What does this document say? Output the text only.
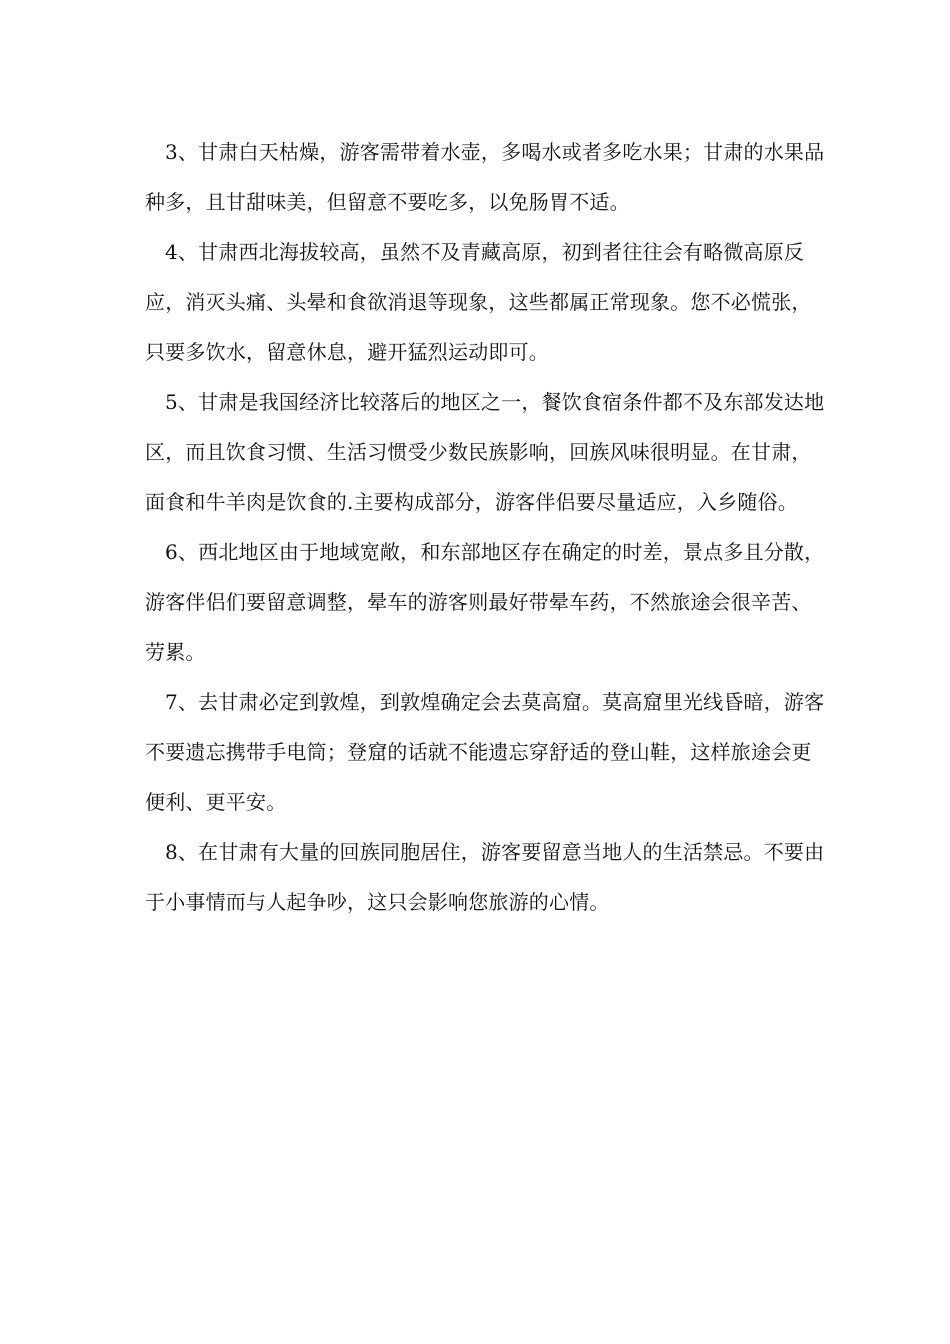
3、甘肃白天枯燥，游客需带着水壶，多喝水或者多吃水果；甘肃的水果品种多，且甘甜味美，但留意不要吃多，以免肠胃不适。

4、甘肃西北海拔较高，虽然不及青藏高原，初到者往往会有略微高原反应，消灭头痛、头晕和食欲消退等现象，这些都属正常现象。您不必慌张，只要多饮水，留意休息，避开猛烈运动即可。

5、甘肃是我国经济比较落后的地区之一，餐饮食宿条件都不及东部发达地区，而且饮食习惯、生活习惯受少数民族影响，回族风味很明显。在甘肃，面食和牛羊肉是饮食的.主要构成部分，游客伴侣要尽量适应，入乡随俗。

6、西北地区由于地域宽敞，和东部地区存在确定的时差，景点多且分散，游客伴侣们要留意调整，晕车的游客则最好带晕车药，不然旅途会很辛苦、劳累。

7、去甘肃必定到敦煌，到敦煌确定会去莫高窟。莫高窟里光线昏暗，游客不要遗忘携带手电筒；登窟的话就不能遗忘穿舒适的登山鞋，这样旅途会更便利、更平安。

8、在甘肃有大量的回族同胞居住，游客要留意当地人的生活禁忌。不要由于小事情而与人起争吵，这只会影响您旅游的心情。
